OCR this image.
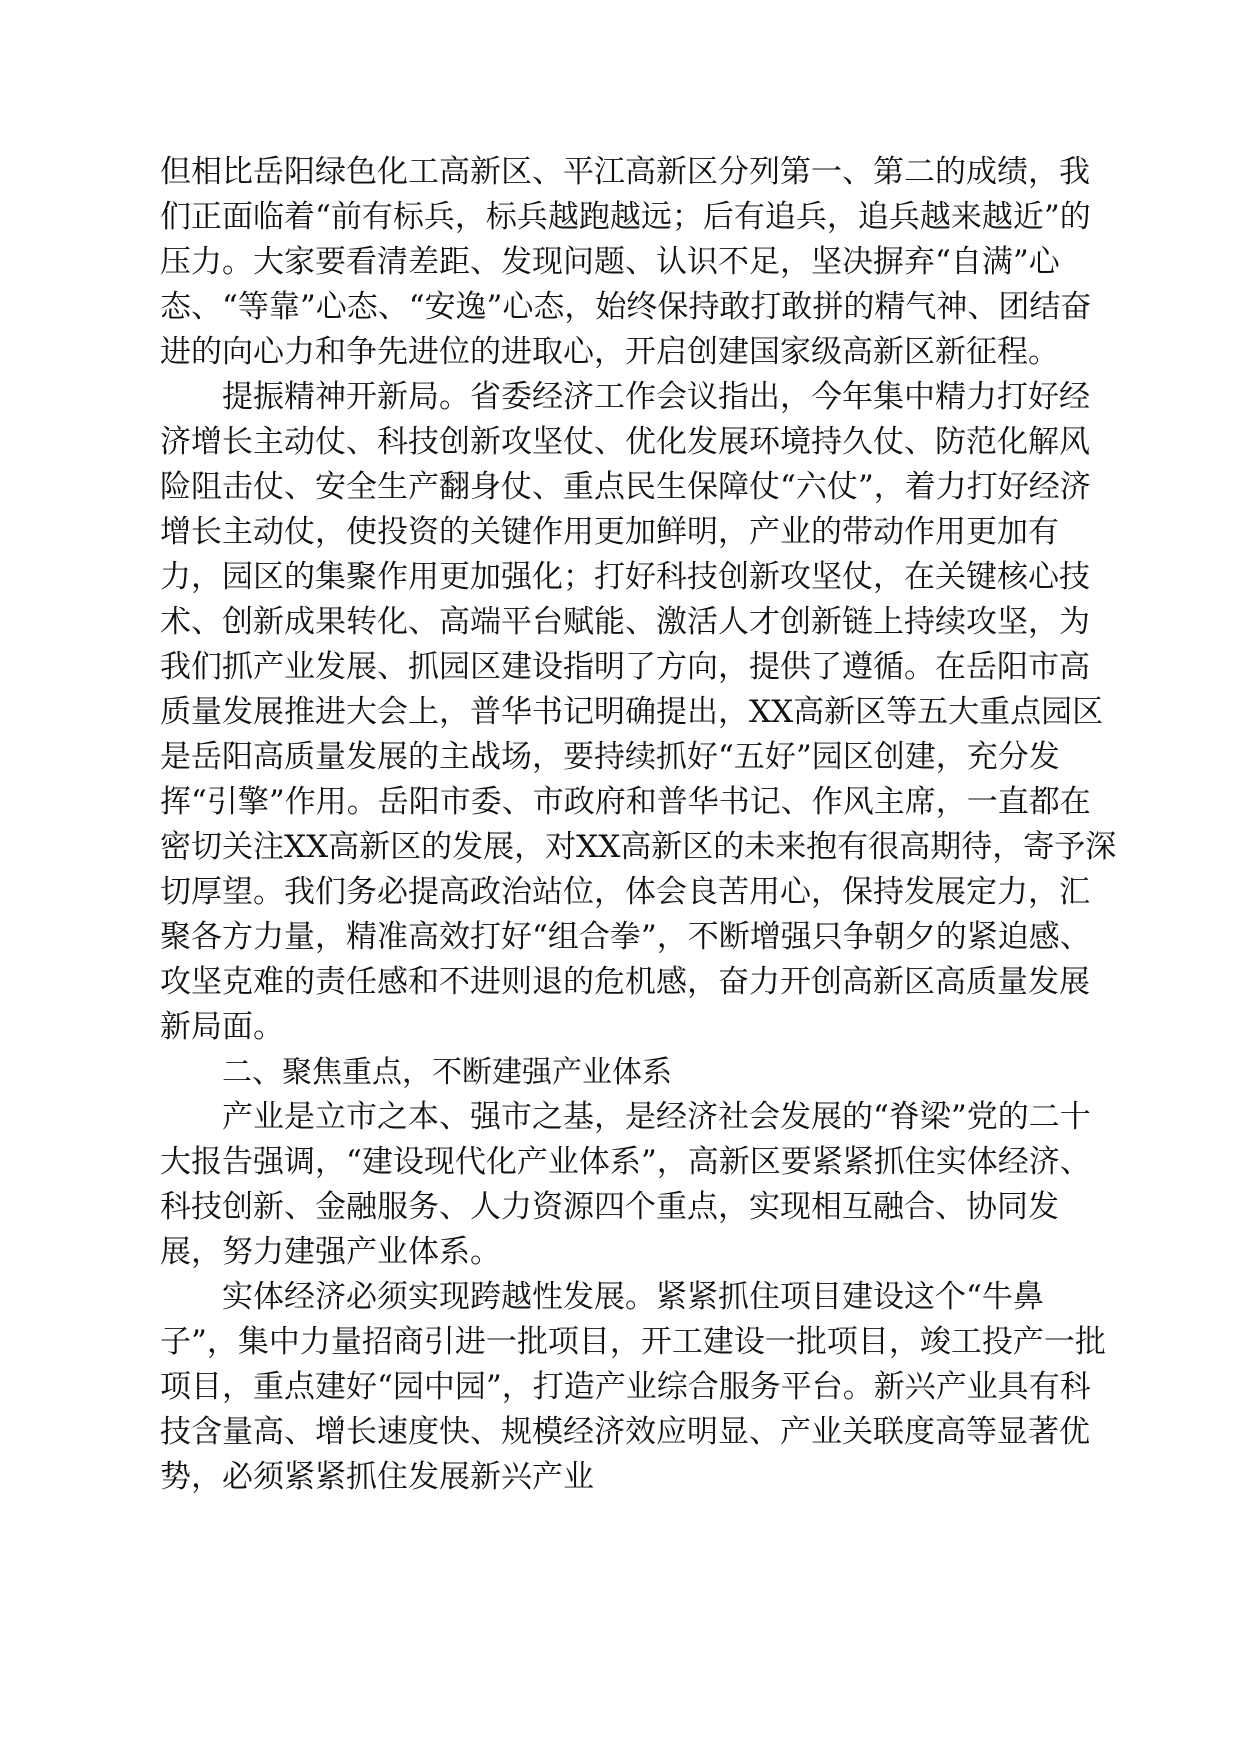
但相比岳阳绿色化工高新区、平江高新区分列第一、第二的成绩，我们正面临着“前有标兵，标兵越跑越远；后有追兵，追兵越来越近”的压力。大家要看清差距、发现问题、认识不足，坚决摒弃“自满”心态、“等靠”心态、“安逸”心态，始终保持敢打敢拼的精气神、团结奋进的向心力和争先进位的进取心，开启创建国家级高新区新征程。

提振精神开新局。省委经济工作会议指出，今年集中精力打好经济增长主动仗、科技创新攻坚仗、优化发展环境持久仗、防范化解风险阻击仗、安全生产翻身仗、重点民生保障仗“六仗”，着力打好经济增长主动仗，使投资的关键作用更加鲜明，产业的带动作用更加有力，园区的集聚作用更加强化；打好科技创新攻坚仗，在关键核心技术、创新成果转化、高端平台赋能、激活人才创新链上持续攻坚，为我们抓产业发展、抓园区建设指明了方向，提供了遵循。在岳阳市高质量发展推进大会上，普华书记明确提出，XX高新区等五大重点园区是岳阳高质量发展的主战场，要持续抓好“五好”园区创建，充分发挥“引擎”作用。岳阳市委、市政府和普华书记、作风主席，一直都在密切关注XX高新区的发展，对XX高新区的未来抱有很高期待，寄予深切厚望。我们务必提高政治站位，体会良苦用心，保持发展定力，汇聚各方力量，精准高效打好“组合拳”，不断增强只争朝夕的紧迫感、攻坚克难的责任感和不进则退的危机感，奋力开创高新区高质量发展新局面。

二、聚焦重点，不断建强产业体系

产业是立市之本、强市之基，是经济社会发展的“脊梁”党的二十大报告强调，“建设现代化产业体系”，高新区要紧紧抓住实体经济、科技创新、金融服务、人力资源四个重点，实现相互融合、协同发展，努力建强产业体系。

实体经济必须实现跨越性发展。紧紧抓住项目建设这个“牛鼻子”，集中力量招商引进一批项目，开工建设一批项目，竣工投产一批项目，重点建好“园中园”，打造产业综合服务平台。新兴产业具有科技含量高、增长速度快、规模经济效应明显、产业关联度高等显著优势，必须紧紧抓住发展新兴产业
